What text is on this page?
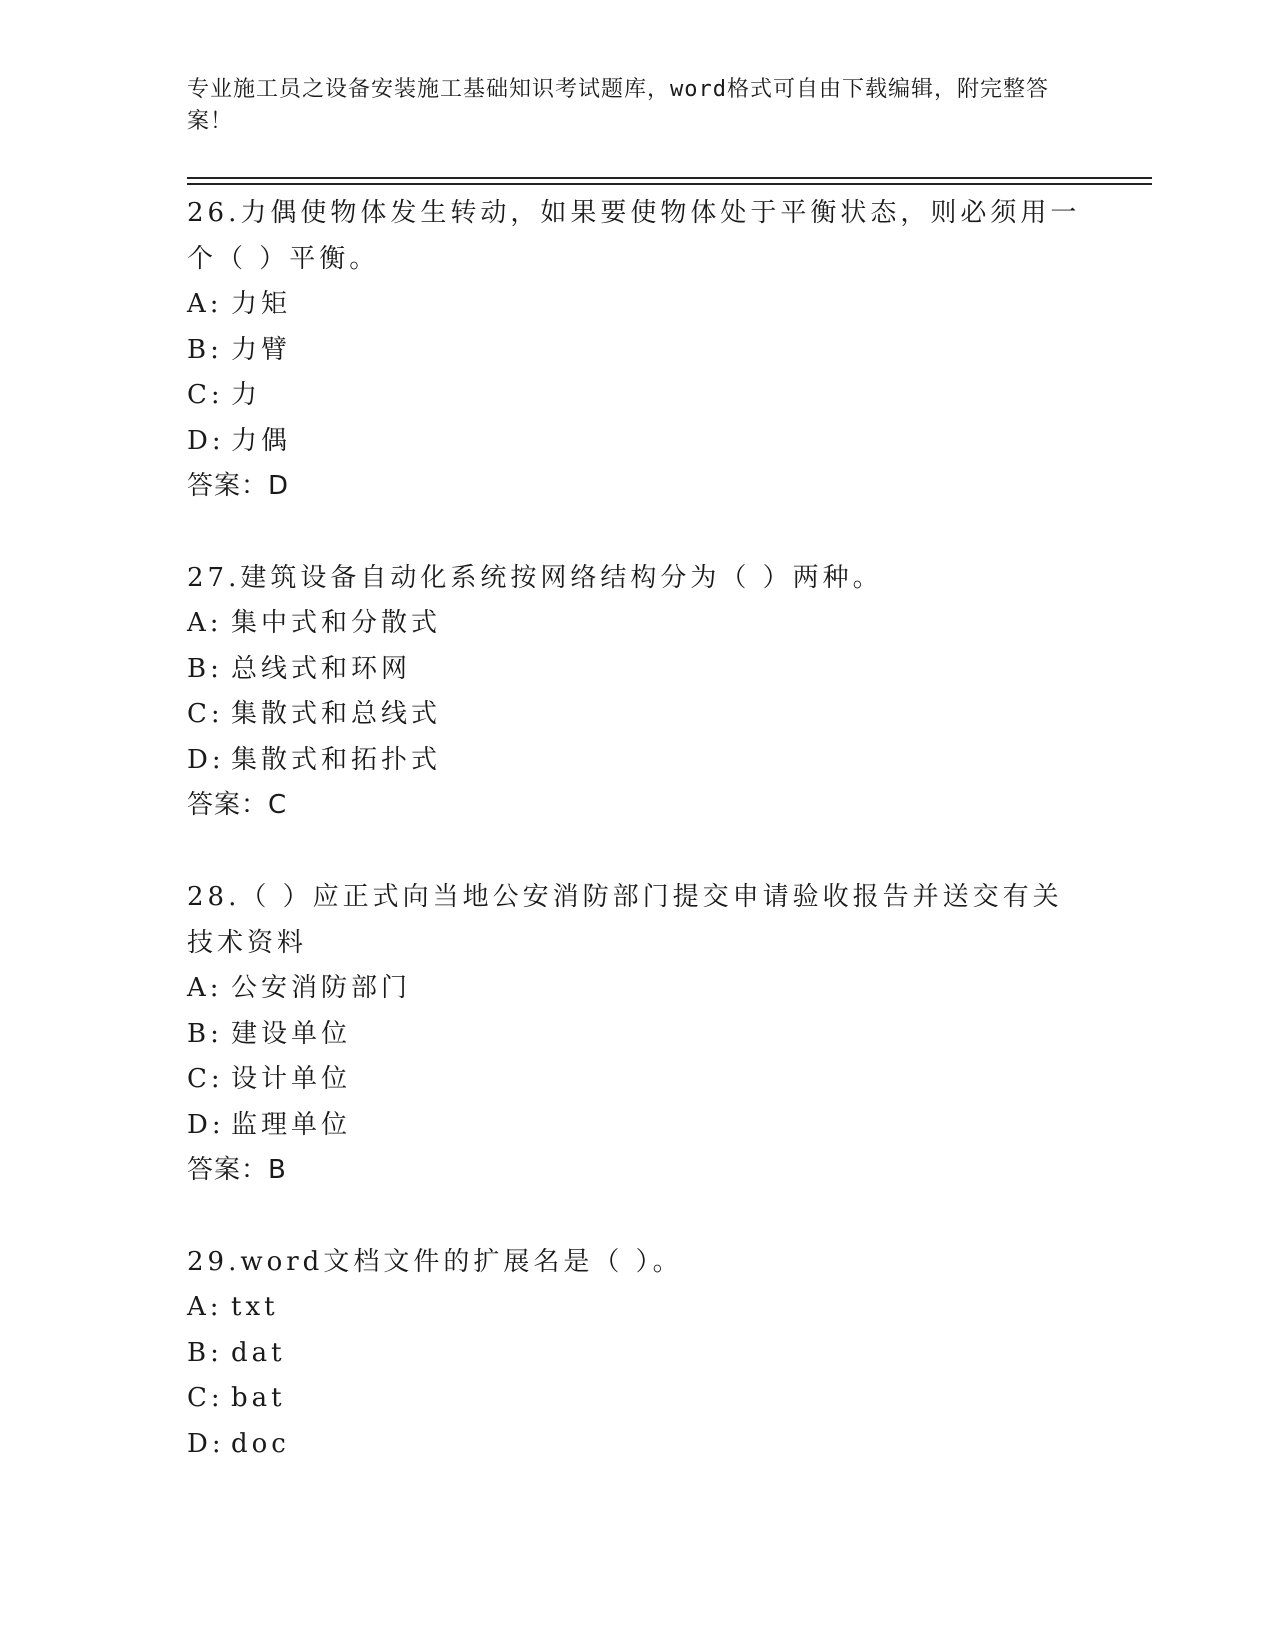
专业施工员之设备安装施工基础知识考试题库，word格式可自由下载编辑，附完整答案！

26.力偶使物体发生转动，如果要使物体处于平衡状态，则必须用一个（ ）平衡。

A: 力矩

B: 力臂

C: 力

D: 力偶

答案：D

27.建筑设备自动化系统按网络结构分为（ ）两种。

A: 集中式和分散式

B: 总线式和环网

C: 集散式和总线式

D: 集散式和拓扑式

答案：C

28.（ ）应正式向当地公安消防部门提交申请验收报告并送交有关技术资料

A: 公安消防部门

B: 建设单位

C: 设计单位

D: 监理单位

答案：B

29.word文档文件的扩展名是（ ）。

A: txt

B: dat

C: bat

D: doc
